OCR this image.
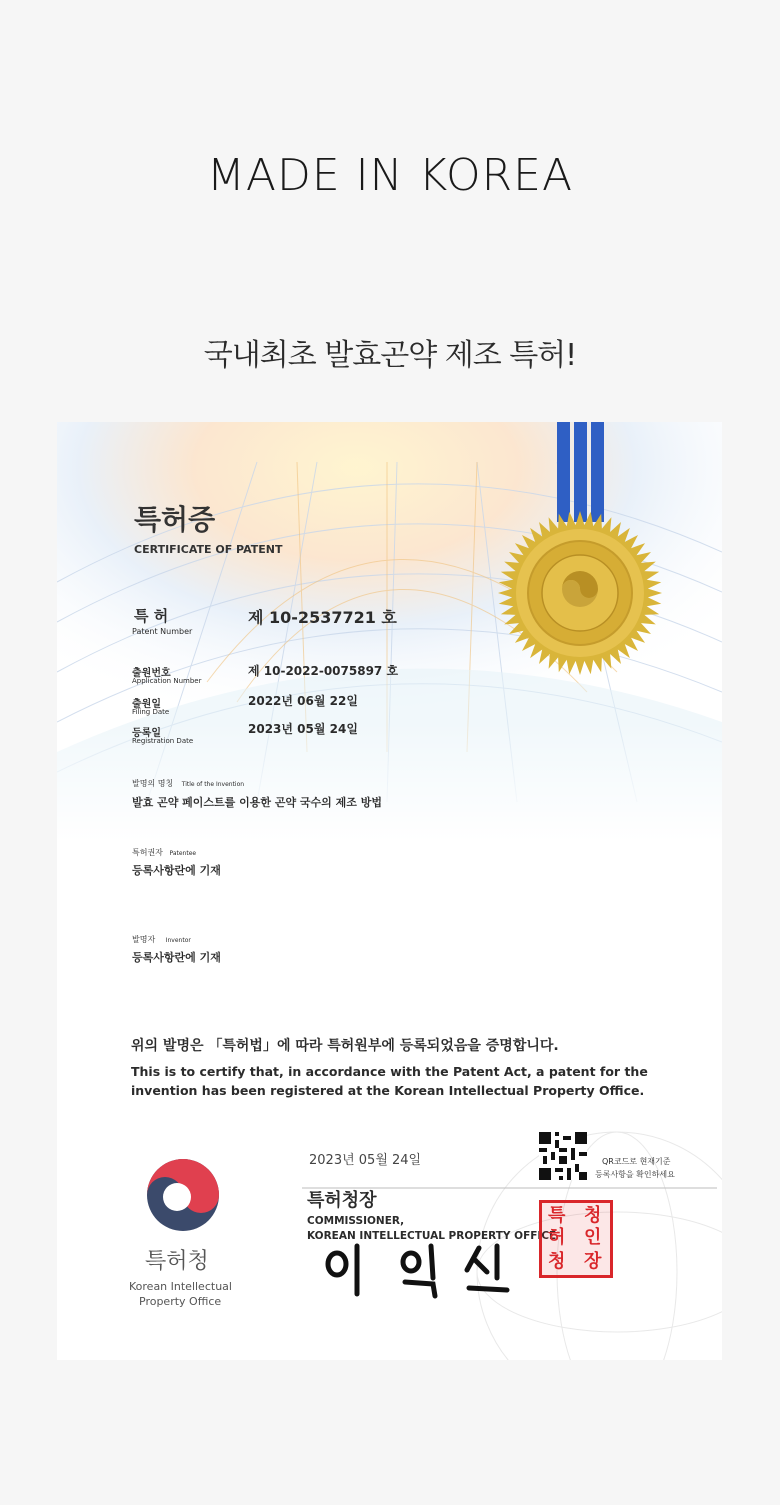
MADE IN KOREA
국내최초 발효곤약 제조 특허!
특허증
CERTIFICATE OF PATENT
특 허
Patent Number
제 10-2537721 호
출원번호
Application Number
제 10-2022-0075897 호
출원일
Filing Date
2022년 06월 22일
등록일
Registration Date
2023년 05월 24일
발명의 명칭 Title of the Invention
발효 곤약 페이스트를 이용한 곤약 국수의 제조 방법
특허권자 Patentee
등록사항란에 기재
발명자 Inventor
등록사항란에 기재
위의 발명은 「특허법」에 따라 특허원부에 등록되었음을 증명합니다.
This is to certify that, in accordance with the Patent Act, a patent for the
invention has been registered at the Korean Intellectual Property Office.
2023년 05월 24일	QR코드로 현재기준
등록사항을 확인하세요
특허청
Korean Intellectual
Property Office
특허청장
COMMISSIONER,
KOREAN INTELLECTUAL PROPERTY OFFICE
특 청
허 인
청 장
